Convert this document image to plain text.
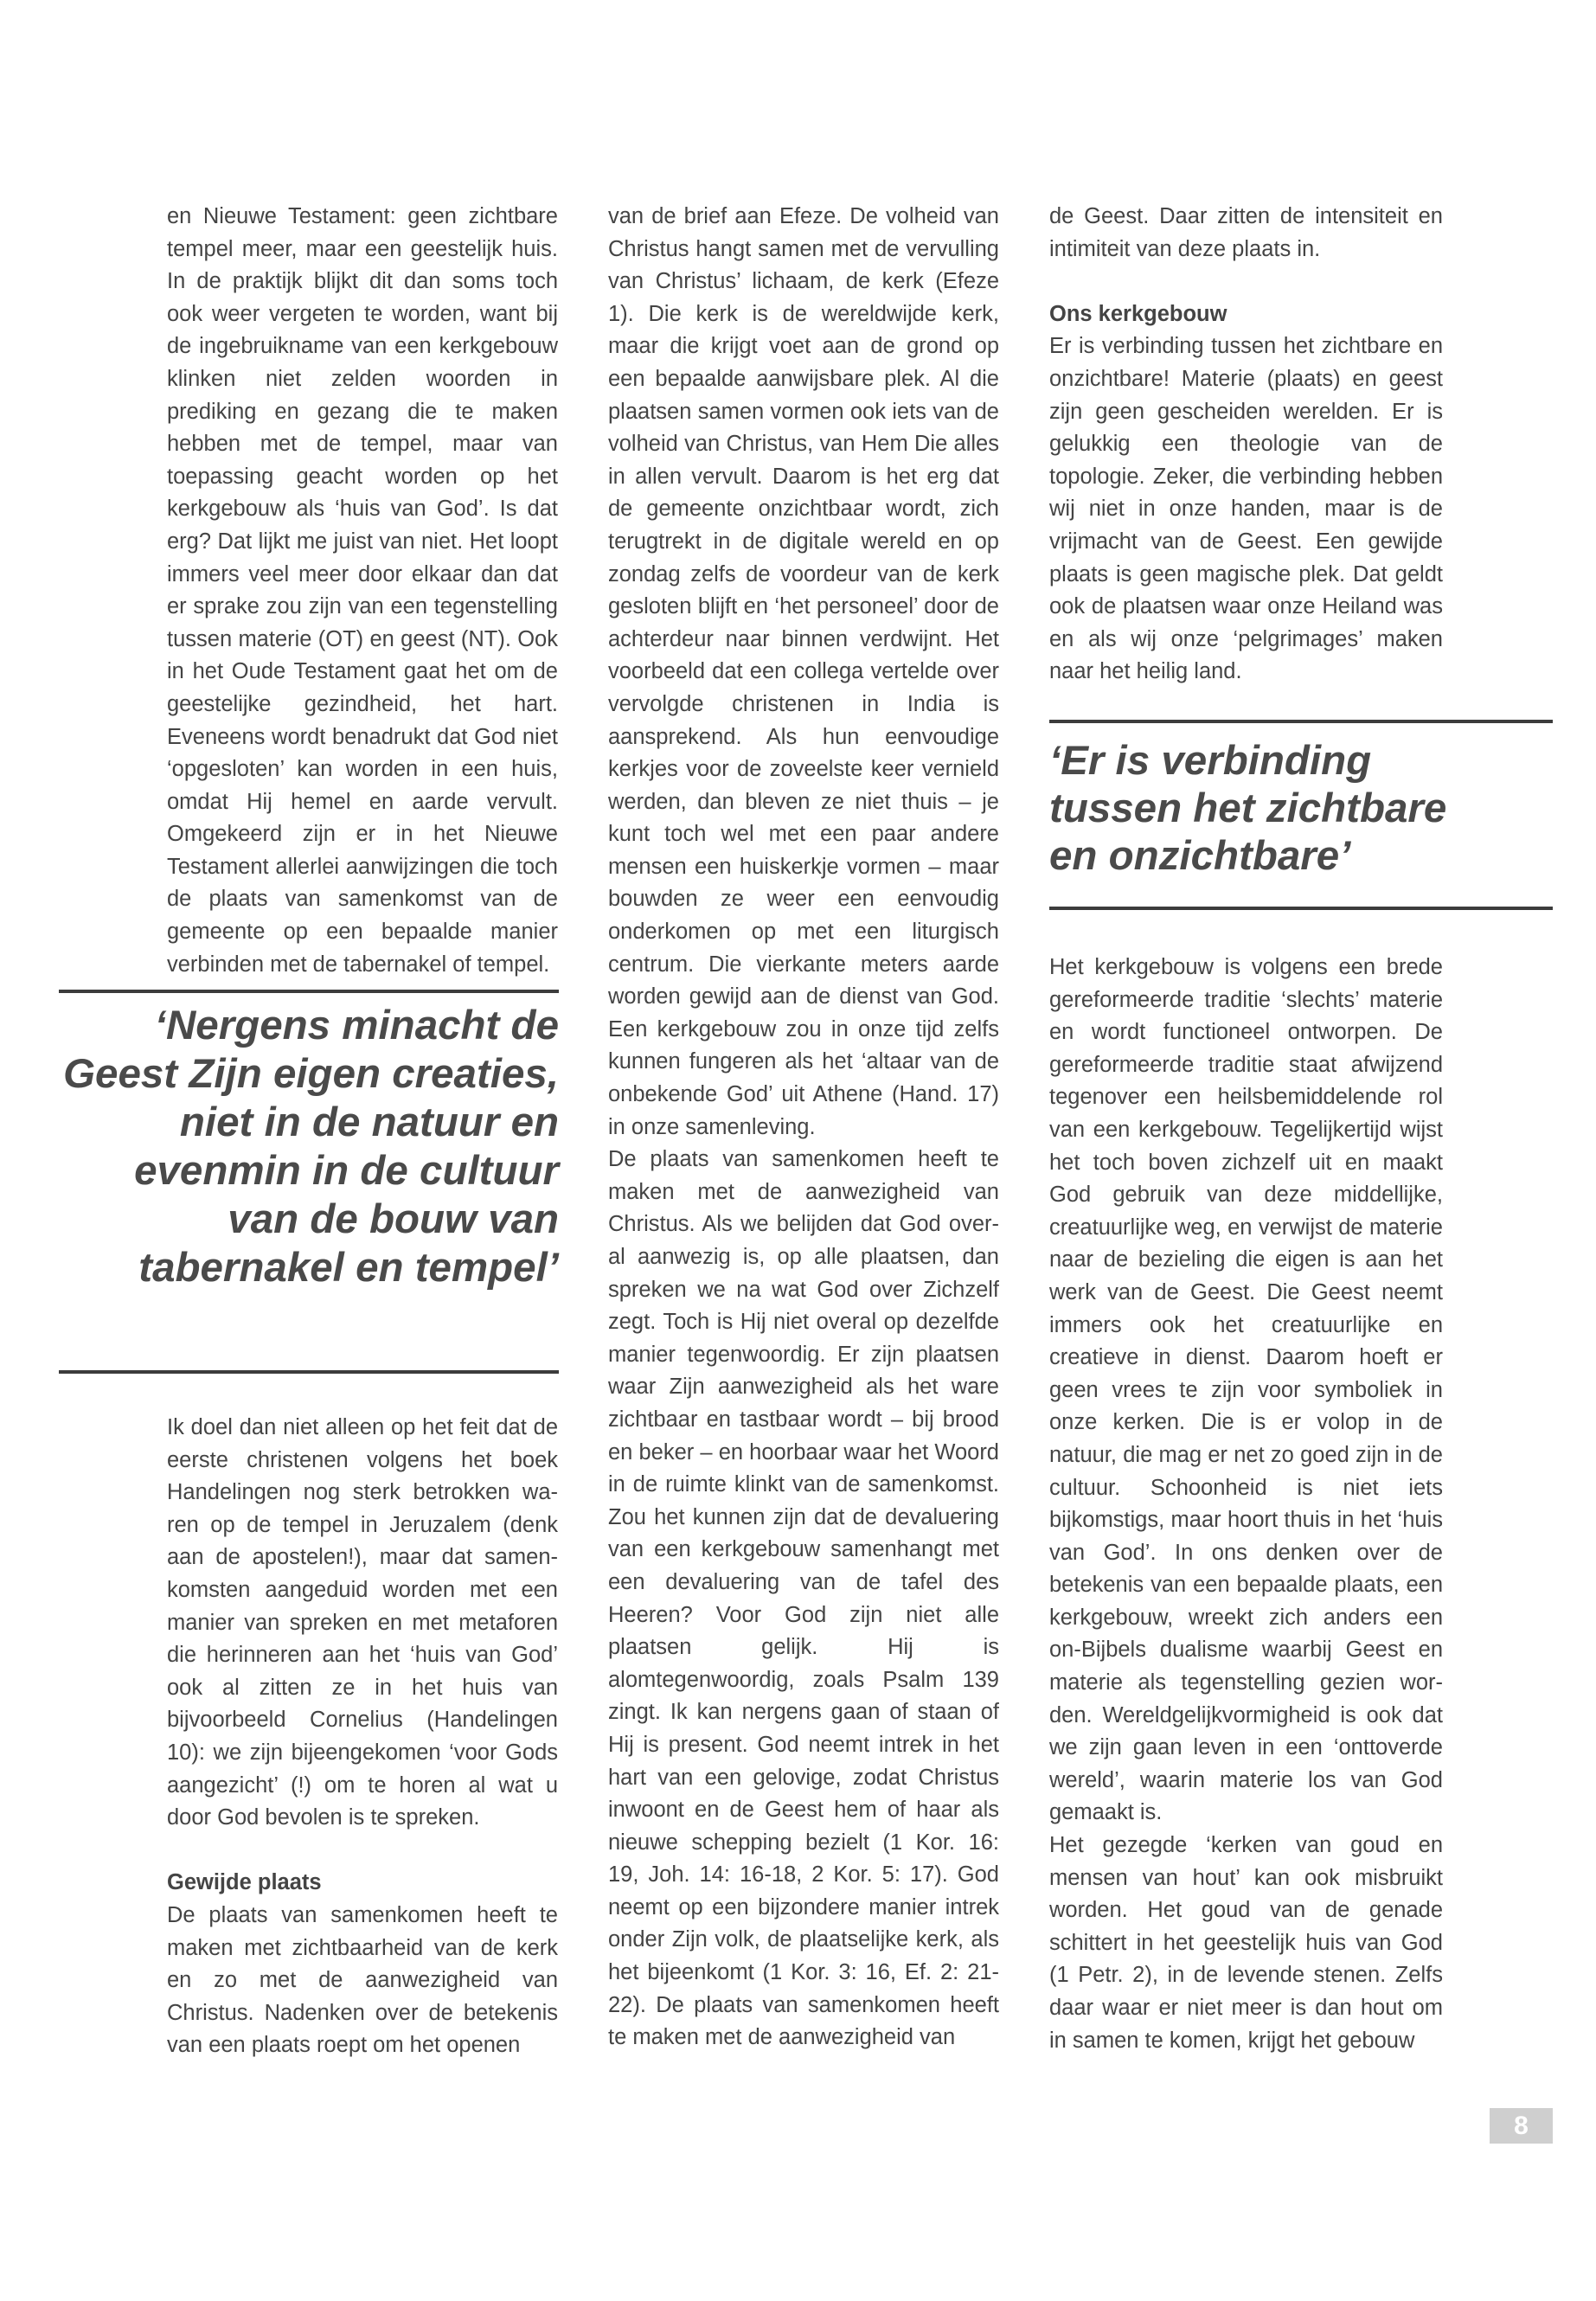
en Nieuwe Testament: geen zichtbare tempel meer, maar een geestelijk huis. In de praktijk blijkt dit dan soms toch ook weer vergeten te worden, want bij de ingebruikname van een kerkgebouw klinken niet zelden woorden in prediking en gezang die te maken hebben met de tempel, maar van toepassing geacht worden op het kerkgebouw als ‘huis van God’. Is dat erg? Dat lijkt me juist van niet. Het loopt immers veel meer door elkaar dan dat er sprake zou zijn van een tegenstelling tussen materie (OT) en geest (NT). Ook in het Oude Testament gaat het om de geestelijke gezindheid, het hart. Eveneens wordt benadrukt dat God niet ‘opgesloten’ kan worden in een huis, omdat Hij hemel en aarde vervult. Omgekeerd zijn er in het Nieuwe Testament allerlei aanwijzingen die toch de plaats van samenkomst van de gemeente op een bepaalde manier verbinden met de tabernakel of tempel.

‘Nergens minacht de Geest Zijn eigen creaties, niet in de natuur en evenmin in de cultuur van de bouw van tabernakel en tempel’

Ik doel dan niet alleen op het feit dat de eerste christenen volgens het boek Handelingen nog sterk betrokken wa-ren op de tempel in Jeruzalem (denk aan de apostelen!), maar dat samen-komsten aangeduid worden met een manier van spreken en met metaforen die herinneren aan het ‘huis van God’ ook al zitten ze in het huis van bijvoorbeeld Cornelius (Handelingen 10): we zijn bijeengekomen ‘voor Gods aangezicht’ (!) om te horen al wat u door God bevolen is te spreken.

Gewijde plaats

De plaats van samenkomen heeft te maken met zichtbaarheid van de kerk en zo met de aanwezigheid van Christus. Nadenken over de betekenis van een plaats roept om het openen

van de brief aan Efeze. De volheid van Christus hangt samen met de vervulling van Christus’ lichaam, de kerk (Efeze 1). Die kerk is de wereldwijde kerk, maar die krijgt voet aan de grond op een bepaalde aanwijsbare plek. Al die plaatsen samen vormen ook iets van de volheid van Christus, van Hem Die alles in allen vervult. Daarom is het erg dat de gemeente onzichtbaar wordt, zich terugtrekt in de digitale wereld en op zondag zelfs de voordeur van de kerk gesloten blijft en ‘het personeel’ door de achterdeur naar binnen verdwijnt. Het voorbeeld dat een collega vertelde over vervolgde christenen in India is aansprekend. Als hun eenvoudige kerkjes voor de zoveelste keer vernield werden, dan bleven ze niet thuis – je kunt toch wel met een paar andere mensen een huiskerkje vormen – maar bouwden ze weer een eenvoudig onderkomen op met een liturgisch centrum. Die vierkante meters aarde worden gewijd aan de dienst van God. Een kerkgebouw zou in onze tijd zelfs kunnen fungeren als het ‘altaar van de onbekende God’ uit Athene (Hand. 17) in onze samenleving.

De plaats van samenkomen heeft te maken met de aanwezigheid van Christus. Als we belijden dat God over-al aanwezig is, op alle plaatsen, dan spreken we na wat God over Zichzelf zegt. Toch is Hij niet overal op dezelfde manier tegenwoordig. Er zijn plaatsen waar Zijn aanwezigheid als het ware zichtbaar en tastbaar wordt – bij brood en beker – en hoorbaar waar het Woord in de ruimte klinkt van de samenkomst. Zou het kunnen zijn dat de devaluering van een kerkgebouw samenhangt met een devaluering van de tafel des Heeren? Voor God zijn niet alle plaatsen gelijk. Hij is alomtegenwoordig, zoals Psalm 139 zingt. Ik kan nergens gaan of staan of Hij is present. God neemt intrek in het hart van een gelovige, zodat Christus inwoont en de Geest hem of haar als nieuwe schepping bezielt (1 Kor. 16: 19, Joh. 14: 16-18, 2 Kor. 5: 17). God neemt op een bijzondere manier intrek onder Zijn volk, de plaatselijke kerk, als het bijeenkomt (1 Kor. 3: 16, Ef. 2: 21-22). De plaats van samenkomen heeft te maken met de aanwezigheid van

de Geest. Daar zitten de intensiteit en intimiteit van deze plaats in.

Ons kerkgebouw

Er is verbinding tussen het zichtbare en onzichtbare! Materie (plaats) en geest zijn geen gescheiden werelden. Er is gelukkig een theologie van de topologie. Zeker, die verbinding hebben wij niet in onze handen, maar is de vrijmacht van de Geest. Een gewijde plaats is geen magische plek. Dat geldt ook de plaatsen waar onze Heiland was en als wij onze ‘pelgrimages’ maken naar het heilig land.

‘Er is verbinding tussen het zichtbare en onzichtbare’

Het kerkgebouw is volgens een brede gereformeerde traditie ‘slechts’ materie en wordt functioneel ontworpen. De gereformeerde traditie staat afwijzend tegenover een heilsbemiddelende rol van een kerkgebouw. Tegelijkertijd wijst het toch boven zichzelf uit en maakt God gebruik van deze middellijke, creatuurlijke weg, en verwijst de materie naar de bezieling die eigen is aan het werk van de Geest. Die Geest neemt immers ook het creatuurlijke en creatieve in dienst. Daarom hoeft er geen vrees te zijn voor symboliek in onze kerken. Die is er volop in de natuur, die mag er net zo goed zijn in de cultuur. Schoonheid is niet iets bijkomstigs, maar hoort thuis in het ‘huis van God’. In ons denken over de betekenis van een bepaalde plaats, een kerkgebouw, wreekt zich anders een on-Bijbels dualisme waarbij Geest en materie als tegenstelling gezien wor-den. Wereldgelijkvormigheid is ook dat we zijn gaan leven in een ‘onttoverde wereld’, waarin materie los van God gemaakt is.

Het gezegde ‘kerken van goud en mensen van hout’ kan ook misbruikt worden. Het goud van de genade schittert in het geestelijk huis van God (1 Petr. 2), in de levende stenen. Zelfs daar waar er niet meer is dan hout om in samen te komen, krijgt het gebouw

8
